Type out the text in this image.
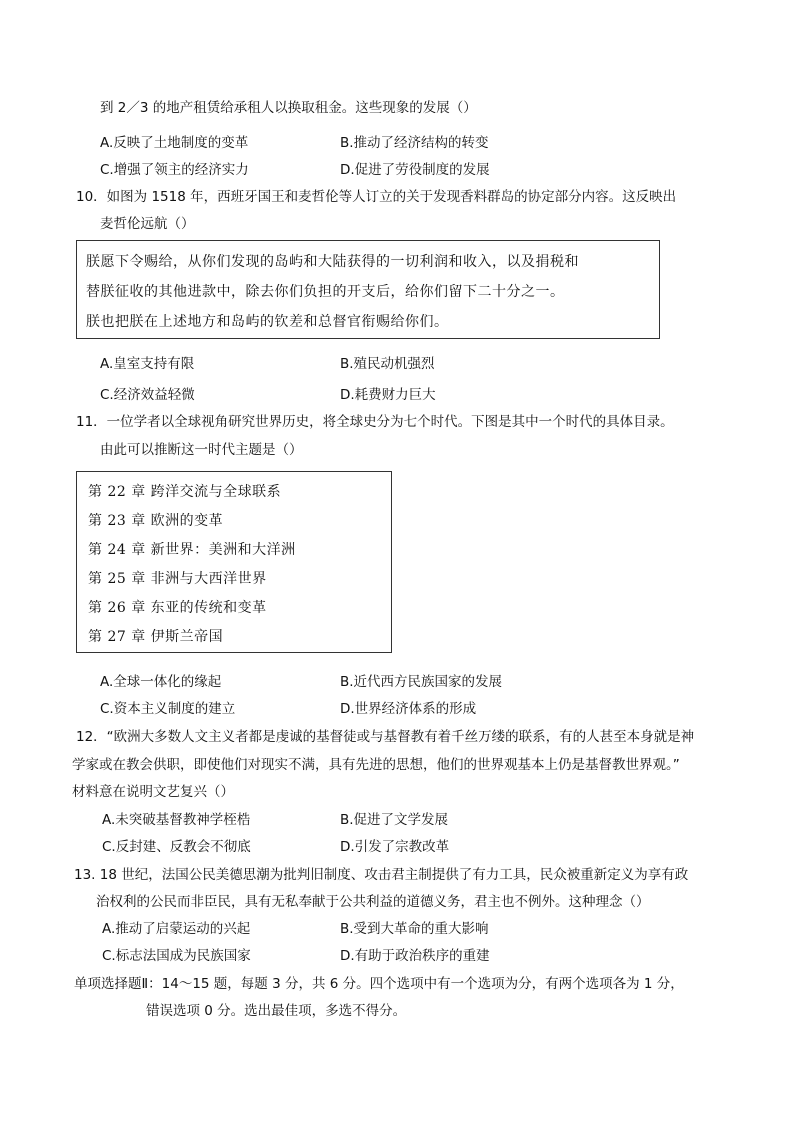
到 2／3 的地产租赁给承租人以换取租金。这些现象的发展（）
A.反映了土地制度的变革	B.推动了经济结构的转变
C.增强了领主的经济实力	D.促进了劳役制度的发展
10．如图为 1518 年，西班牙国王和麦哲伦等人订立的关于发现香料群岛的协定部分内容。这反映出
麦哲伦远航（）
朕愿下令赐给，从你们发现的岛屿和大陆获得的一切利润和收入，以及捐税和
替朕征收的其他进款中，除去你们负担的开支后，给你们留下二十分之一。
朕也把朕在上述地方和岛屿的钦差和总督官衔赐给你们。
A.皇室支持有限	B.殖民动机强烈
C.经济效益轻微	D.耗费财力巨大
11．一位学者以全球视角研究世界历史，将全球史分为七个时代。下图是其中一个时代的具体目录。
由此可以推断这一时代主题是（）
第 22 章 跨洋交流与全球联系
第 23 章 欧洲的变革
第 24 章 新世界：美洲和大洋洲
第 25 章 非洲与大西洋世界
第 26 章 东亚的传统和变革
第 27 章 伊斯兰帝国
A.全球一体化的缘起	B.近代西方民族国家的发展
C.资本主义制度的建立	D.世界经济体系的形成
12．“欧洲大多数人文主义者都是虔诚的基督徒或与基督教有着千丝万缕的联系，有的人甚至本身就是神
学家或在教会供职，即使他们对现实不满，具有先进的思想，他们的世界观基本上仍是基督教世界观。”
材料意在说明文艺复兴（）
A.未突破基督教神学桎梏	B.促进了文学发展
C.反封建、反教会不彻底	D.引发了宗教改革
13. 18 世纪，法国公民美德思潮为批判旧制度、攻击君主制提供了有力工具，民众被重新定义为享有政
治权利的公民而非臣民，具有无私奉献于公共利益的道德义务，君主也不例外。这种理念（）
A.推动了启蒙运动的兴起	B.受到大革命的重大影响
C.标志法国成为民族国家	D.有助于政治秩序的重建
单项选择题Ⅱ：14～15 题，每题 3 分，共 6 分。四个选项中有一个选项为分，有两个选项各为 1 分，
错误选项 0 分。选出最佳项，多选不得分。
